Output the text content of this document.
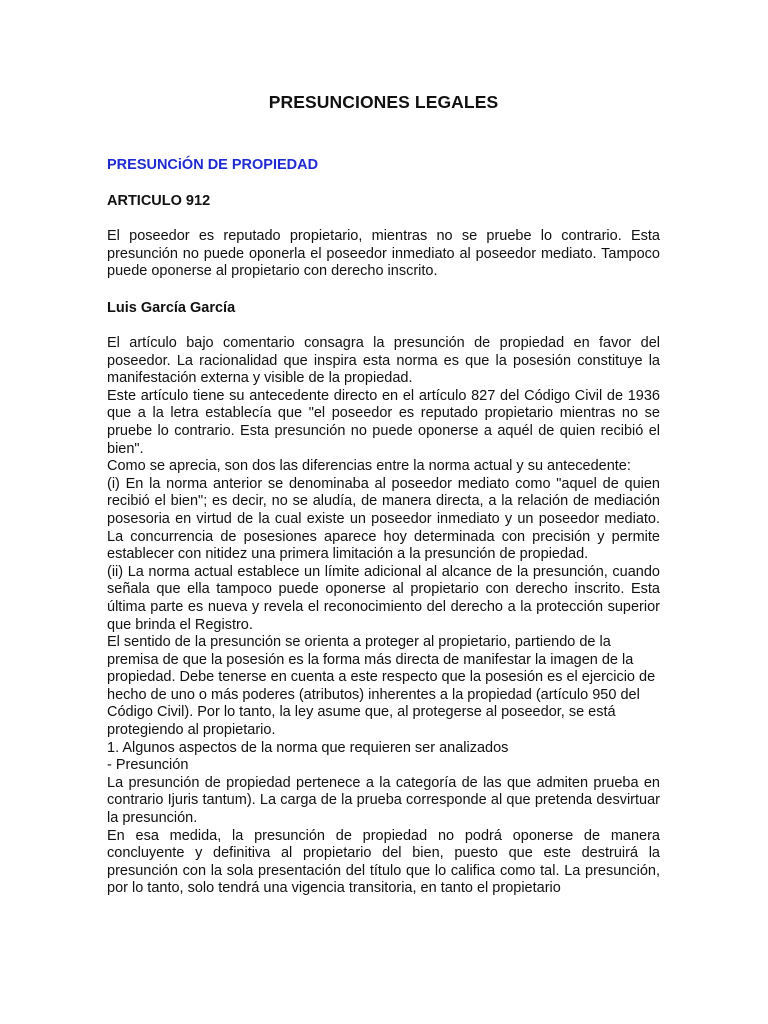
PRESUNCIONES LEGALES
PRESUNCiÓN DE PROPIEDAD
ARTICULO 912

El poseedor es reputado propietario, mientras no se pruebe lo contrario. Esta presunción no puede oponerla el poseedor inmediato al poseedor mediato. Tampoco puede oponerse al propietario con derecho inscrito.

Luis García García

El artículo bajo comentario consagra la presunción de propiedad en favor del poseedor. La racionalidad que inspira esta norma es que la posesión constituye la manifestación externa y visible de la propiedad.

Este artículo tiene su antecedente directo en el artículo 827 del Código Civil de 1936 que a la letra establecía que "el poseedor es reputado propietario mientras no se pruebe lo contrario. Esta presunción no puede oponerse a aquél de quien recibió el bien".

Como se aprecia, son dos las diferencias entre la norma actual y su antecedente:

(i) En la norma anterior se denominaba al poseedor mediato como "aquel de quien recibió el bien"; es decir, no se aludía, de manera directa, a la relación de mediación posesoria en virtud de la cual existe un poseedor inmediato y un poseedor mediato. La concurrencia de posesiones aparece hoy determinada con precisión y permite establecer con nitidez una primera limitación a la presunción de propiedad.

(ii) La norma actual establece un límite adicional al alcance de la presunción, cuando señala que ella tampoco puede oponerse al propietario con derecho inscrito. Esta última parte es nueva y revela el reconocimiento del derecho a la protección superior que brinda el Registro.

El sentido de la presunción se orienta a proteger al propietario, partiendo de la premisa de que la posesión es la forma más directa de manifestar la imagen de la propiedad. Debe tenerse en cuenta a este respecto que la posesión es el ejercicio de hecho de uno o más poderes (atributos) inherentes a la propiedad (artículo 950 del Código Civil). Por lo tanto, la ley asume que, al protegerse al poseedor, se está protegiendo al propietario.

1. Algunos aspectos de la norma que requieren ser analizados

- Presunción

La presunción de propiedad pertenece a la categoría de las que admiten prueba en contrario Ijuris tantum). La carga de la prueba corresponde al que pretenda desvirtuar la presunción.

En esa medida, la presunción de propiedad no podrá oponerse de manera concluyente y definitiva al propietario del bien, puesto que este destruirá la presunción con la sola presentación del título que lo califica como tal. La presunción, por lo tanto, solo tendrá una vigencia transitoria, en tanto el propietario
